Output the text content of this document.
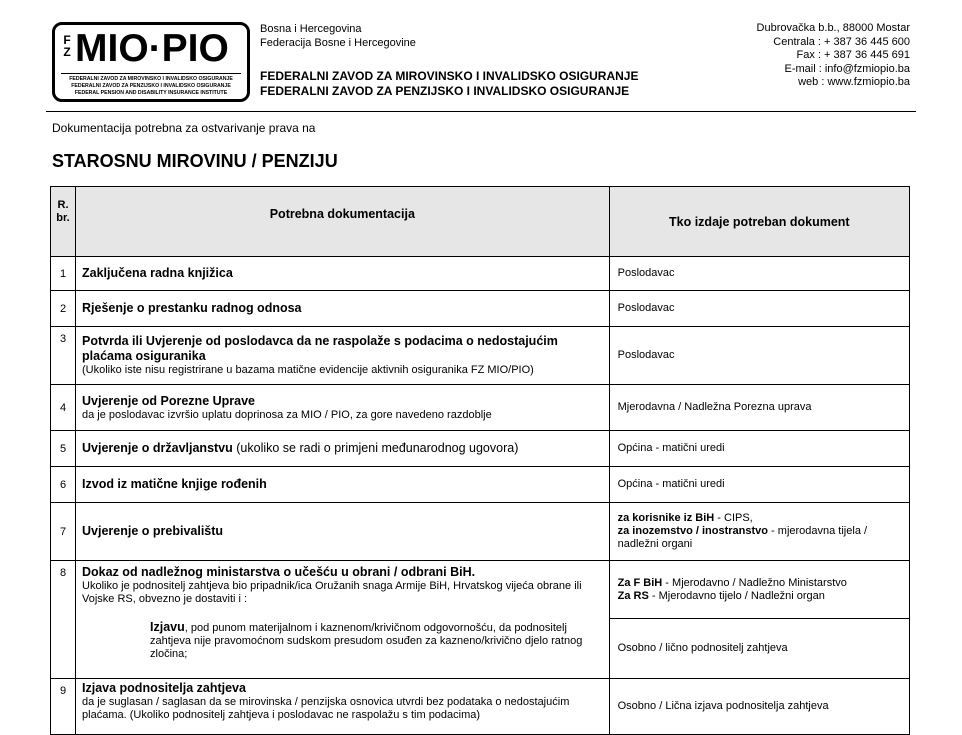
F
Z MIO·PIO
FEDERALNI ZAVOD ZA MIROVINSKO I INVALIDSKO OSIGURANJE
FEDERALNI ZAVOD ZA PENZIJSKO I INVALIDSKO OSIGURANJE
FEDERAL PENSION AND DISABILITY INSURANCE INSTITUTE
Bosna i Hercegovina
Federacija Bosne i Hercegovine
FEDERALNI ZAVOD ZA MIROVINSKO I INVALIDSKO OSIGURANJE
FEDERALNI ZAVOD ZA PENZIJSKO I INVALIDSKO OSIGURANJE
Dubrovačka b.b., 88000 Mostar
Centrala : + 387 36 445 600
Fax : + 387 36 445 691
E-mail : info@fzmiopio.ba
web : www.fzmiopio.ba
Dokumentacija potrebna za ostvarivanje prava na
STAROSNU MIROVINU / PENZIJU
R.
br.	Potrebna dokumentacija	Tko izdaje potreban dokument
1	Zaključena radna knjižica	Poslodavac
2	Rješenje o prestanku radnog odnosa	Poslodavac
3	Potvrda ili Uvjerenje od poslodavca da ne raspolaže s podacima o nedostajućim plaćama osiguranika
(Ukoliko iste nisu registrirane u bazama matične evidencije aktivnih osiguranika FZ MIO/PIO)	Poslodavac
4	Uvjerenje od Porezne Uprave
da je poslodavac izvršio uplatu doprinosa za MIO / PIO, za gore navedeno razdoblje	Mjerodavna / Nadležna Porezna uprava
5	Uvjerenje o državljanstvu (ukoliko se radi o primjeni međunarodnog ugovora)	Općina - matični uredi
6	Izvod iz matične knjige rođenih	Općina - matični uredi
7	Uvjerenje o prebivalištu	za korisnike iz BiH - CIPS,
za inozemstvo / inostranstvo - mjerodavna tijela / nadležni organi
8	Dokaz od nadležnog ministarstva o učešću u obrani / odbrani BiH.
Ukoliko je podnositelj zahtjeva bio pripadnik/ica Oružanih snaga Armije BiH, Hrvatskog vijeća obrane ili Vojske RS, obvezno je dostaviti i :
Izjavu, pod punom materijalnom i kaznenom/krivičnom odgovornošću, da podnositelj zahtjeva nije pravomoćnom sudskom presudom osuđen za kazneno/krivično djelo ratnog zločina;	Za F BiH - Mjerodavno / Nadležno Ministarstvo
Za RS - Mjerodavno tijelo / Nadležni organ
		Osobno / lično podnositelj zahtjeva
9	Izjava podnositelja zahtjeva
da je suglasan / saglasan da se mirovinska / penzijska osnovica utvrdi bez podataka o nedostajućim plaćama. (Ukoliko podnositelj zahtjeva i poslodavac ne raspolažu s tim podacima)	Osobno / Lična izjava podnositelja zahtjeva
